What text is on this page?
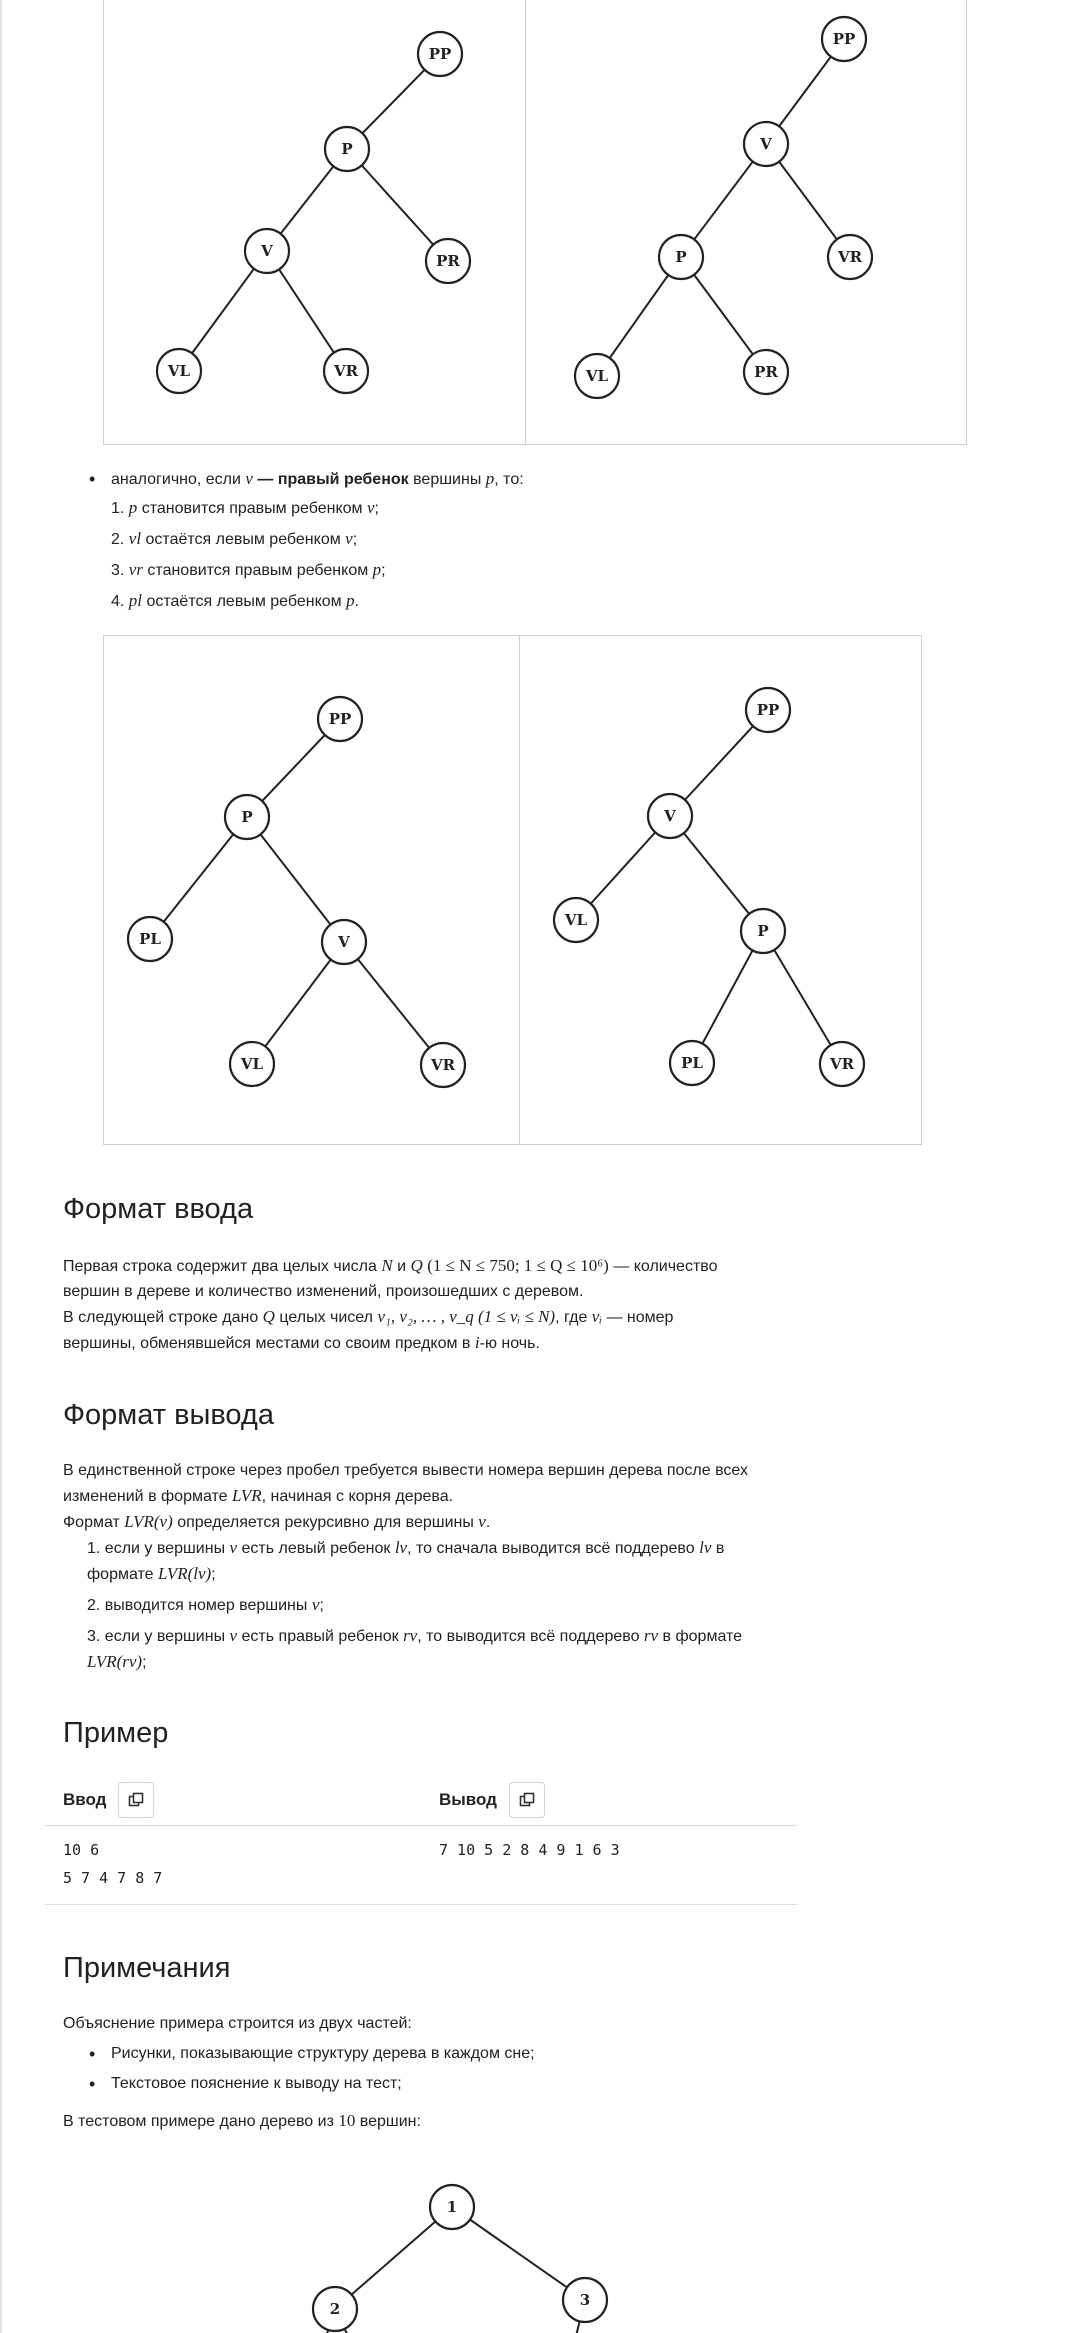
PP
P
V
PR
VL	VR
PP
V
P	VR
VL	PR
• аналогично, если v — правый ребенок вершины p, то:
1. p становится правым ребенком v;
2. vl остаётся левым ребенком v;
3. vr становится правым ребенком p;
4. pl остаётся левым ребенком p.
PP
P
PL	V
VL	VR
PP
V
VL
P
PL	VR
Формат ввода
Первая строка содержит два целых числа N и Q (1 ≤ N ≤ 750; 1 ≤ Q ≤ 10⁶) — количество
вершин в дереве и количество изменений, произошедших с деревом.
В следующей строке дано Q целых чисел v₁, v₂, … , v_q (1 ≤ vᵢ ≤ N), где vᵢ — номер
вершины, обменявшейся местами со своим предком в i-ю ночь.
Формат вывода
В единственной строке через пробел требуется вывести номера вершин дерева после всех
изменений в формате LVR, начиная с корня дерева.
Формат LVR(v) определяется рекурсивно для вершины v.
1. если у вершины v есть левый ребенок lv, то сначала выводится всё поддерево lv в
формате LVR(lv);
2. выводится номер вершины v;
3. если у вершины v есть правый ребенок rv, то выводится всё поддерево rv в формате
LVR(rv);
Пример
Ввод	Вывод
10 6
5 7 4 7 8 7
7 10 5 2 8 4 9 1 6 3
Примечания
Объяснение примера строится из двух частей:
• Рисунки, показывающие структуру дерева в каждом сне;
• Текстовое пояснение к выводу на тест;
В тестовом примере дано дерево из 10 вершин:
1
2	3
